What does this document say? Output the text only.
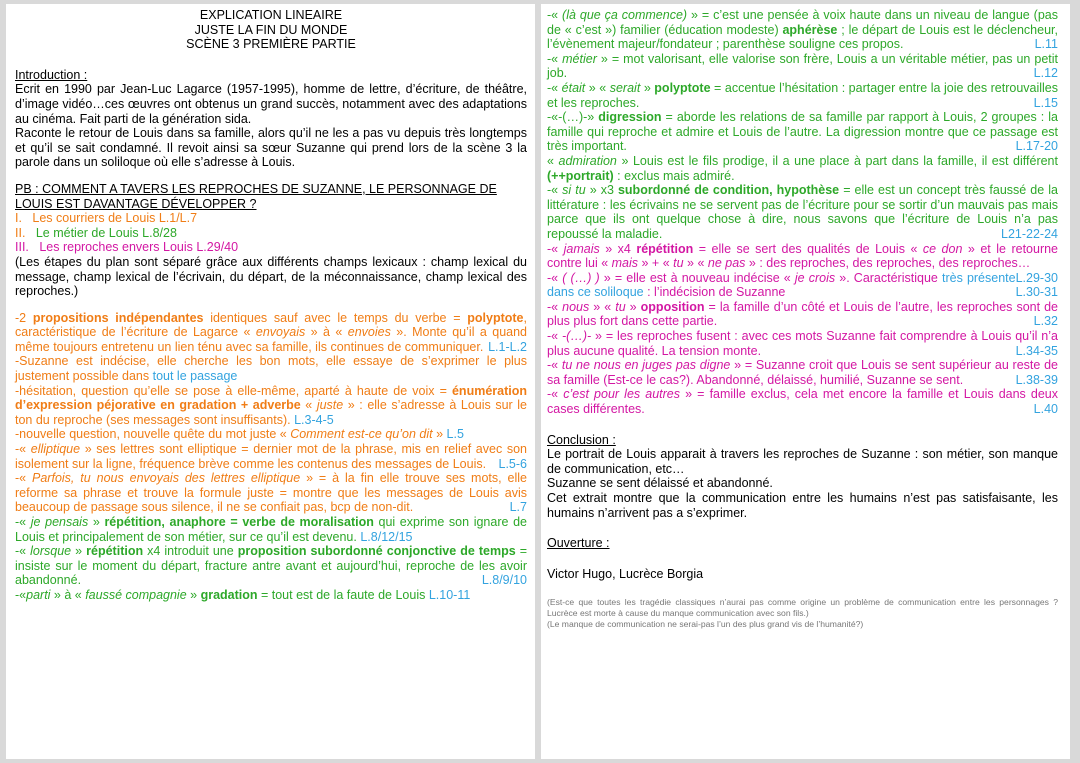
EXPLICATION LINEAIRE

JUSTE LA FIN DU MONDE

SCÈNE 3 PREMIÈRE PARTIE

Introduction :

Ecrit en 1990 par Jean-Luc Lagarce (1957-1995), homme de lettre, d’écriture, de théâtre, d’image vidéo…ces œuvres ont obtenus un grand succès, notamment avec des adaptations au cinéma. Fait parti de la génération sida.

Raconte le retour de Louis dans sa famille, alors qu’il ne les a pas vu depuis très longtemps et qu’il se sait condamné. Il revoit ainsi sa sœur Suzanne qui prend lors de la scène 3 la parole dans un soliloque où elle s’adresse à Louis.

PB : COMMENT A TAVERS LES REPROCHES DE SUZANNE, LE PERSONNAGE DE LOUIS EST DAVANTAGE DÉVELOPPER ?

I. Les courriers de Louis L.1/L.7

II. Le métier de Louis L.8/28

III. Les reproches envers Louis L.29/40

(Les étapes du plan sont séparé grâce aux différents champs lexicaux : champ lexical du message, champ lexical de l’écrivain, du départ, de la méconnaissance, champ lexical des reproches.)

-2 propositions indépendantes identiques sauf avec le temps du verbe = polyptote, caractéristique de l’écriture de Lagarce « envoyais » à « envoies ». Monte qu’il a quand même toujours entretenu un lien ténu avec sa famille, ils continues de communiquer. L.1-L.2

-Suzanne est indécise, elle cherche les bon mots, elle essaye de s’exprimer le plus justement possible dans tout le passage

-hésitation, question qu’elle se pose à elle-même, aparté à haute de voix = énumération d’expression péjorative en gradation + adverbe « juste » : elle s’adresse à Louis sur le ton du reproche (ses messages sont insuffisants). L.3-4-5

-nouvelle question, nouvelle quête du mot juste « Comment est-ce qu’on dit » L.5

-« elliptique » ses lettres sont elliptique = dernier mot de la phrase, mis en relief avec son isolement sur la ligne, fréquence brève comme les contenus des messages de Louis. L.5-6

-« Parfois, tu nous envoyais des lettres elliptique » = à la fin elle trouve ses mots, elle reforme sa phrase et trouve la formule juste = montre que les messages de Louis avis beaucoup de passage sous silence, il ne se confiait pas, bcp de non-dit.	L.7

-« je pensais » répétition, anaphore = verbe de moralisation qui exprime son ignare de Louis et principalement de son métier, sur ce qu’il est devenu. L.8/12/15

-« lorsque » répétition x4 introduit une proposition subordonné conjonctive de temps = insiste sur le moment du départ, fracture antre avant et aujourd’hui, reproche de les avoir abandonné.	L.8/9/10

-«parti » à « faussé compagnie » gradation = tout est de la faute de Louis L.10-11

-« (là que ça commence) » = c’est une pensée à voix haute dans un niveau de langue (pas de « c’est ») familier (éducation modeste) aphérèse ; le départ de Louis est le déclencheur, l’évènement majeur/fondateur ; parenthèse souligne ces propos.	L.11

-« métier » = mot valorisant, elle valorise son frère, Louis a un véritable métier, pas un petit job.	L.12

-« était » « serait » polyptote = accentue l’hésitation : partager entre la joie des retrouvailles et les reproches.	L.15

-«-(…)-» digression = aborde les relations de sa famille par rapport à Louis, 2 groupes : la famille qui reproche et admire et Louis de l’autre. La digression montre que ce passage est très important.	L.17-20

« admiration » Louis est le fils prodige, il a une place à part dans la famille, il est différent (++portrait) : exclus mais admiré.

-« si tu » x3 subordonné de condition, hypothèse = elle est un concept très faussé de la littérature : les écrivains ne se servent pas de l’écriture pour se sortir d’un mauvais pas mais parce que ils ont quelque chose à dire, nous savons que l’écriture de Louis n’a pas repoussé la maladie.	L21-22-24

-« jamais » x4 répétition = elle se sert des qualités de Louis « ce don » et le retourne contre lui « mais » + « tu » « ne pas » : des reproches, des reproches, des reproches…
L.29-30

-« ( (…) ) » = elle est à nouveau indécise « je crois ». Caractéristique très présente dans ce soliloque : l’indécision de Suzanne	L.30-31

-« nous » « tu » opposition = la famille d’un côté et Louis de l’autre, les reproches sont de plus plus fort dans cette partie.	L.32

-« -(…)- » = les reproches fusent : avec ces mots Suzanne fait comprendre à Louis qu’il n’a plus aucune qualité. La tension monte.	L.34-35

-« tu ne nous en juges pas digne » = Suzanne croit que Louis se sent supérieur au reste de sa famille (Est-ce le cas?). Abandonné, délaissé, humilié, Suzanne se sent.	L.38-39

-« c’est pour les autres » = famille exclus, cela met encore la famille et Louis dans deux cases différentes.	L.40

Conclusion :

Le portrait de Louis apparait à travers les reproches de Suzanne : son métier, son manque de communication, etc…

Suzanne se sent délaissé et abandonné.

Cet extrait montre que la communication entre les humains n’est pas satisfaisante, les humains n’arrivent pas a s’exprimer.

Ouverture :

Victor Hugo, Lucrèce Borgia

(Est-ce que toutes les tragédie classiques n’aurai pas comme origine un problème de communication entre les personnages ? Lucrèce est morte à cause du manque communication avec son fils.)

(Le manque de communication ne serai-pas l’un des plus grand vis de l’humanité?)
